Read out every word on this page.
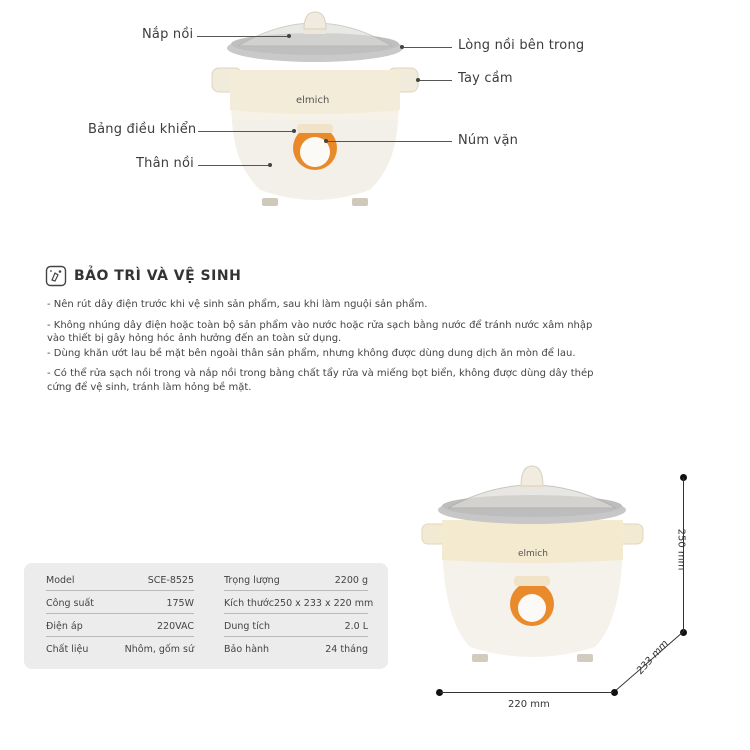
elmich
Nắp nồi
Lòng nồi bên trong
Tay cầm
Bảng điều khiển
Núm vặn
Thân nồi
BẢO TRÌ VÀ VỆ SINH
- Nên rút dây điện trước khi vệ sinh sản phẩm, sau khi làm nguội sản phẩm.
- Không nhúng dây điện hoặc toàn bộ sản phẩm vào nước hoặc rửa sạch bằng nước để tránh nước xâm nhập
vào thiết bị gây hỏng hóc ảnh hưởng đến an toàn sử dụng.
- Dùng khăn ướt lau bề mặt bên ngoài thân sản phẩm, nhưng không được dùng dung dịch ăn mòn để lau.
- Có thể rửa sạch nồi trong và nắp nồi trong bằng chất tẩy rửa và miếng bọt biển, không được dùng dây thép
cứng để vệ sinh, tránh làm hỏng bề mặt.
Model	SCE-8525
Công suất	175W
Điện áp	220VAC
Chất liệu	Nhôm, gốm sứ
Trọng lượng	2200 g
Kích thước 250 x 233 x 220 mm
Dung tích	2.0 L
Bảo hành	24 tháng
elmich	250 mm
233 mm
220 mm
